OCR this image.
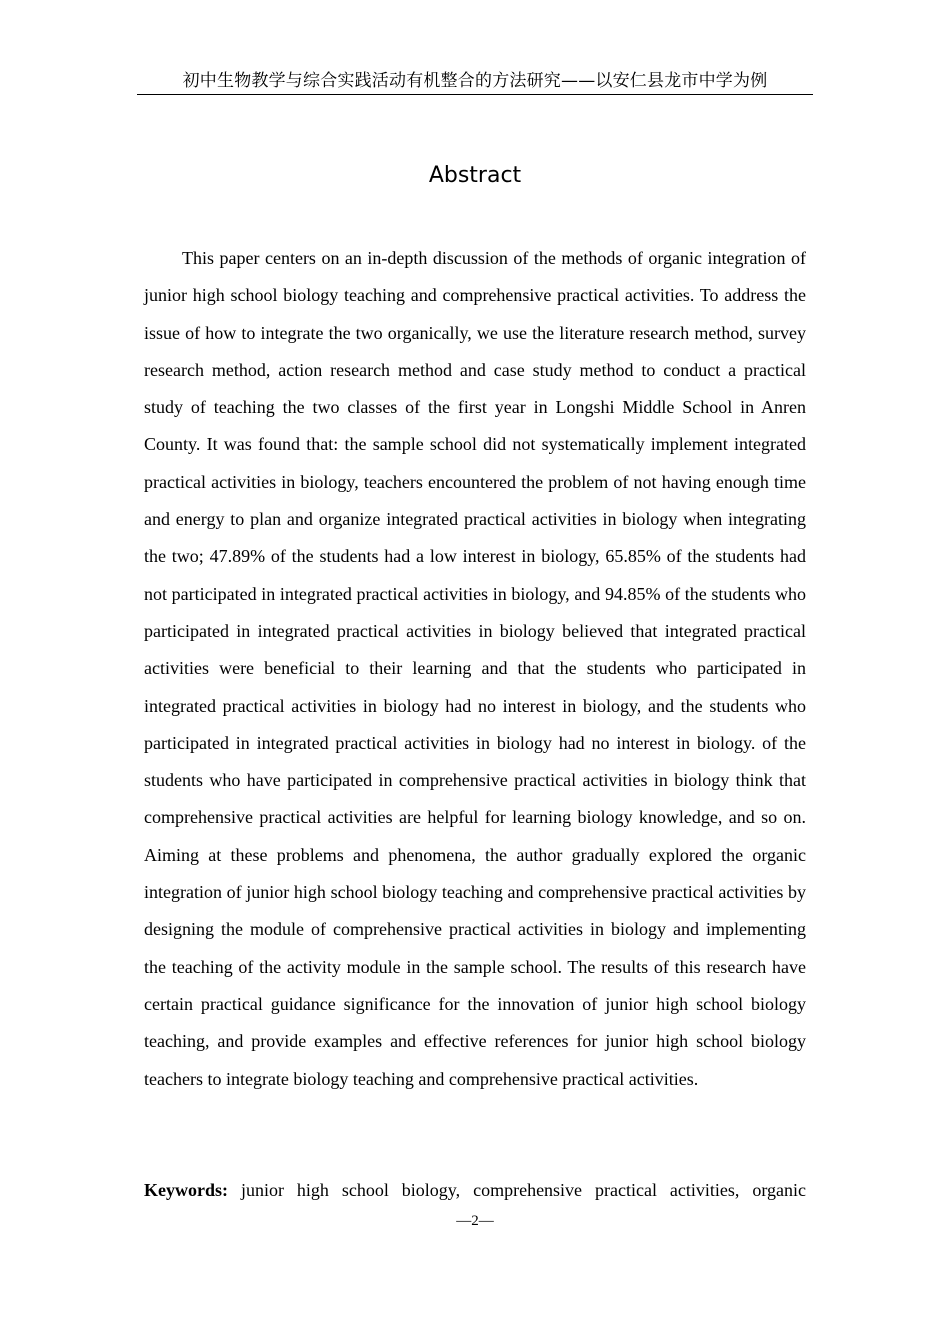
初中生物教学与综合实践活动有机整合的方法研究——以安仁县龙市中学为例
Abstract

This paper centers on an in-depth discussion of the methods of organic integration of junior high school biology teaching and comprehensive practical activities. To address the issue of how to integrate the two organically, we use the literature research method, survey research method, action research method and case study method to conduct a practical study of teaching the two classes of the first year in Longshi Middle School in Anren County. It was found that: the sample school did not systematically implement integrated practical activities in biology, teachers encountered the problem of not having enough time and energy to plan and organize integrated practical activities in biology when integrating the two; 47.89% of the students had a low interest in biology, 65.85% of the students had not participated in integrated practical activities in biology, and 94.85% of the students who participated in integrated practical activities in biology believed that integrated practical activities were beneficial to their learning and that the students who participated in integrated practical activities in biology had no interest in biology, and the students who participated in integrated practical activities in biology had no interest in biology. of the students who have participated in comprehensive practical activities in biology think that comprehensive practical activities are helpful for learning biology knowledge, and so on. Aiming at these problems and phenomena, the author gradually explored the organic integration of junior high school biology teaching and comprehensive practical activities by designing the module of comprehensive practical activities in biology and implementing the teaching of the activity module in the sample school. The results of this research have certain practical guidance significance for the innovation of junior high school biology teaching, and provide examples and effective references for junior high school biology teachers to integrate biology teaching and comprehensive practical activities.

Keywords: junior high school biology, comprehensive practical activities, organic

—2—
